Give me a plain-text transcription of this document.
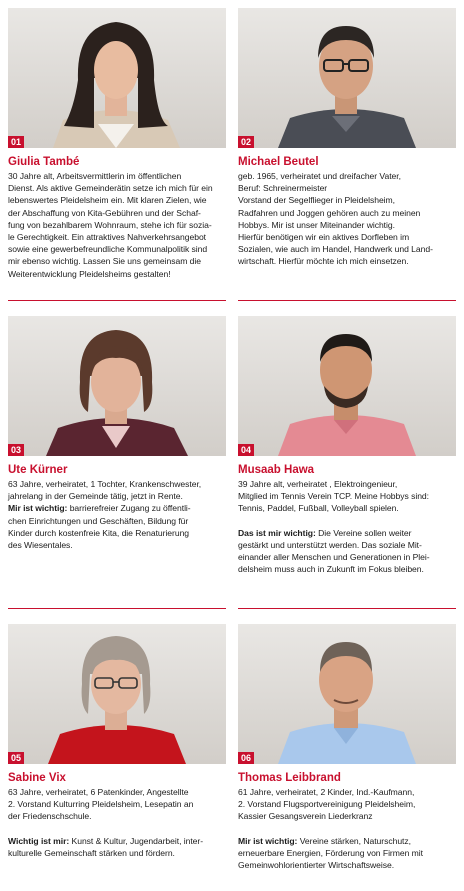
01
Giulia També

30 Jahre alt, Arbeitsvermittlerin im öffentlichen

Dienst. Als aktive Gemeinderätin setze ich mich für ein

lebenswertes Pleidelsheim ein. Mit klaren Zielen, wie

der Abschaffung von Kita-Gebühren und der Schaf-

fung von bezahlbarem Wohnraum, stehe ich für sozia-

le Gerechtigkeit. Ein attraktives Nahverkehrsangebot

sowie eine gewerbefreundliche Kommunalpolitik sind

mir ebenso wichtig. Lassen Sie uns gemeinsam die

Weiterentwicklung Pleidelsheims gestalten!

02
Michael Beutel

geb. 1965, verheiratet und dreifacher Vater,

Beruf: Schreinermeister

Vorstand der Segelflieger in Pleidelsheim,

Radfahren und Joggen gehören auch zu meinen

Hobbys. Mir ist unser Miteinander wichtig.

Hierfür benötigen wir ein aktives Dorfleben im

Sozialen, wie auch im Handel, Handwerk und Land-

wirtschaft. Hierfür möchte ich mich einsetzen.

03
Ute Kürner

63 Jahre, verheiratet, 1 Tochter, Krankenschwester,

jahrelang in der Gemeinde tätig, jetzt in Rente.

Mir ist wichtig: barrierefreier Zugang zu öffentli-

chen Einrichtungen und Geschäften, Bildung für

Kinder durch kostenfreie Kita, die Renaturierung

des Wiesentales.

04
Musaab Hawa

39 Jahre alt, verheiratet , Elektroingenieur,

Mitglied im Tennis Verein TCP. Meine Hobbys sind:

Tennis, Paddel, Fußball, Volleyball spielen.

Das ist mir wichtig: Die Vereine sollen weiter

gestärkt und unterstützt werden. Das soziale Mit-

einander aller Menschen und Generationen in Plei-

delsheim muss auch in Zukunft im Fokus bleiben.

05
Sabine Vix

63 Jahre, verheiratet, 6 Patenkinder, Angestellte

2. Vorstand Kulturring Pleidelsheim, Lesepatin an

der Friedenschschule.

Wichtig ist mir: Kunst & Kultur, Jugendarbeit, inter-

kulturelle Gemeinschaft stärken und fördern.

06
Thomas Leibbrand

61 Jahre, verheiratet, 2 Kinder, Ind.-Kaufmann,

2. Vorstand Flugsportvereinigung Pleidelsheim,

Kassier Gesangsverein Liederkranz

Mir ist wichtig: Vereine stärken, Naturschutz,

erneuerbare Energien, Förderung von Firmen mit

Gemeinwohlorientierter Wirtschaftsweise.
